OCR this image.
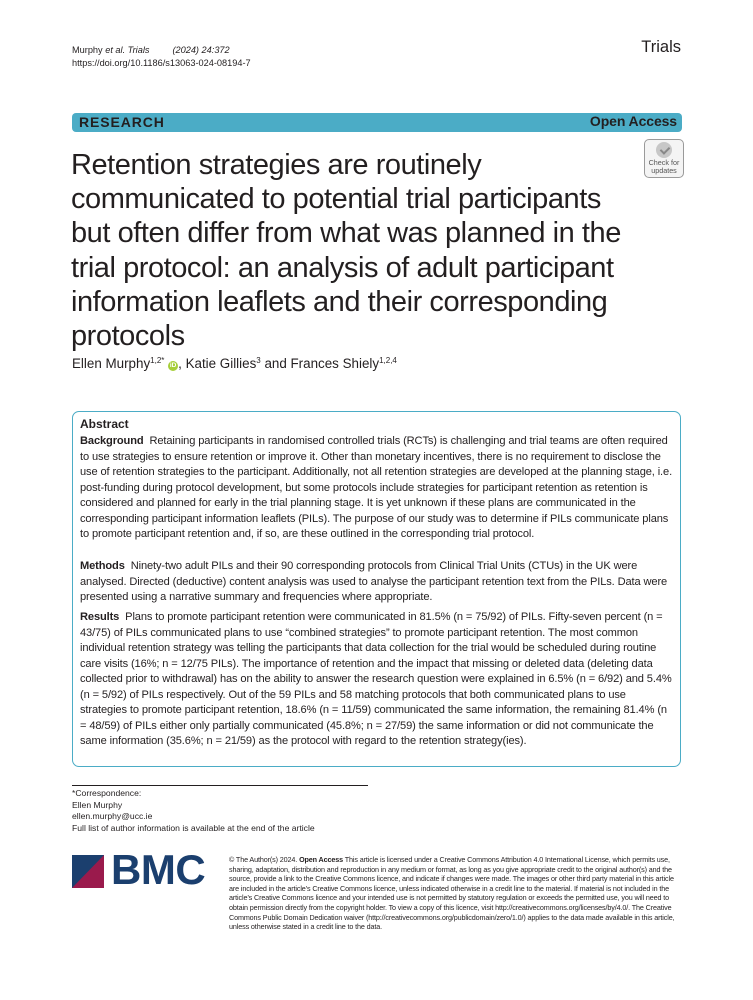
Murphy et al. Trials (2024) 24:372
https://doi.org/10.1186/s13063-024-08194-7
Trials
RESEARCH	Open Access
Check for
updates
Retention strategies are routinely communicated to potential trial participants but often differ from what was planned in the trial protocol: an analysis of adult participant information leaflets and their corresponding protocols
Ellen Murphy$^{1,2*}$ iD , Katie Gillies$^3$ and Frances Shiely$^{1,2,4}$
Abstract
Background Retaining participants in randomised controlled trials (RCTs) is challenging and trial teams are often required to use strategies to ensure retention or improve it. Other than monetary incentives, there is no requirement to disclose the use of retention strategies to the participant. Additionally, not all retention strategies are developed at the planning stage, i.e. post-funding during protocol development, but some protocols include strategies for participant retention as retention is considered and planned for early in the trial planning stage. It is yet unknown if these plans are communicated in the corresponding participant information leaflets (PILs). The purpose of our study was to determine if PILs communicate plans to promote participant retention and, if so, are these outlined in the corresponding trial protocol.
Methods Ninety-two adult PILs and their 90 corresponding protocols from Clinical Trial Units (CTUs) in the UK were analysed. Directed (deductive) content analysis was used to analyse the participant retention text from the PILs. Data were presented using a narrative summary and frequencies where appropriate.
Results Plans to promote participant retention were communicated in 81.5% (n = 75/92) of PILs. Fifty-seven percent (n = 43/75) of PILs communicated plans to use “combined strategies” to promote participant retention. The most common individual retention strategy was telling the participants that data collection for the trial would be scheduled during routine care visits (16%; n = 12/75 PILs). The importance of retention and the impact that missing or deleted data (deleting data collected prior to withdrawal) has on the ability to answer the research question were explained in 6.5% (n = 6/92) and 5.4% (n = 5/92) of PILs respectively. Out of the 59 PILs and 58 matching protocols that both communicated plans to use strategies to promote participant retention, 18.6% (n = 11/59) communicated the same information, the remaining 81.4% (n = 48/59) of PILs either only partially communicated (45.8%; n = 27/59) the same information or did not communicate the same information (35.6%; n = 21/59) as the protocol with regard to the retention strategy(ies).
*Correspondence:
Ellen Murphy
ellen.murphy@ucc.ie
Full list of author information is available at the end of the article
BMC	© The Author(s) 2024. Open Access This article is licensed under a Creative Commons Attribution 4.0 International License, which permits use, sharing, adaptation, distribution and reproduction in any medium or format, as long as you give appropriate credit to the original author(s) and the source, provide a link to the Creative Commons licence, and indicate if changes were made. The images or other third party material in this article are included in the article’s Creative Commons licence, unless indicated otherwise in a credit line to the material. If material is not included in the article’s Creative Commons licence and your intended use is not permitted by statutory regulation or exceeds the permitted use, you will need to obtain permission directly from the copyright holder. To view a copy of this licence, visit http://creativecommons.org/licenses/by/4.0/. The Creative Commons Public Domain Dedication waiver (http://creativecommons.org/publicdomain/zero/1.0/) applies to the data made available in this article, unless otherwise stated in a credit line to the data.
